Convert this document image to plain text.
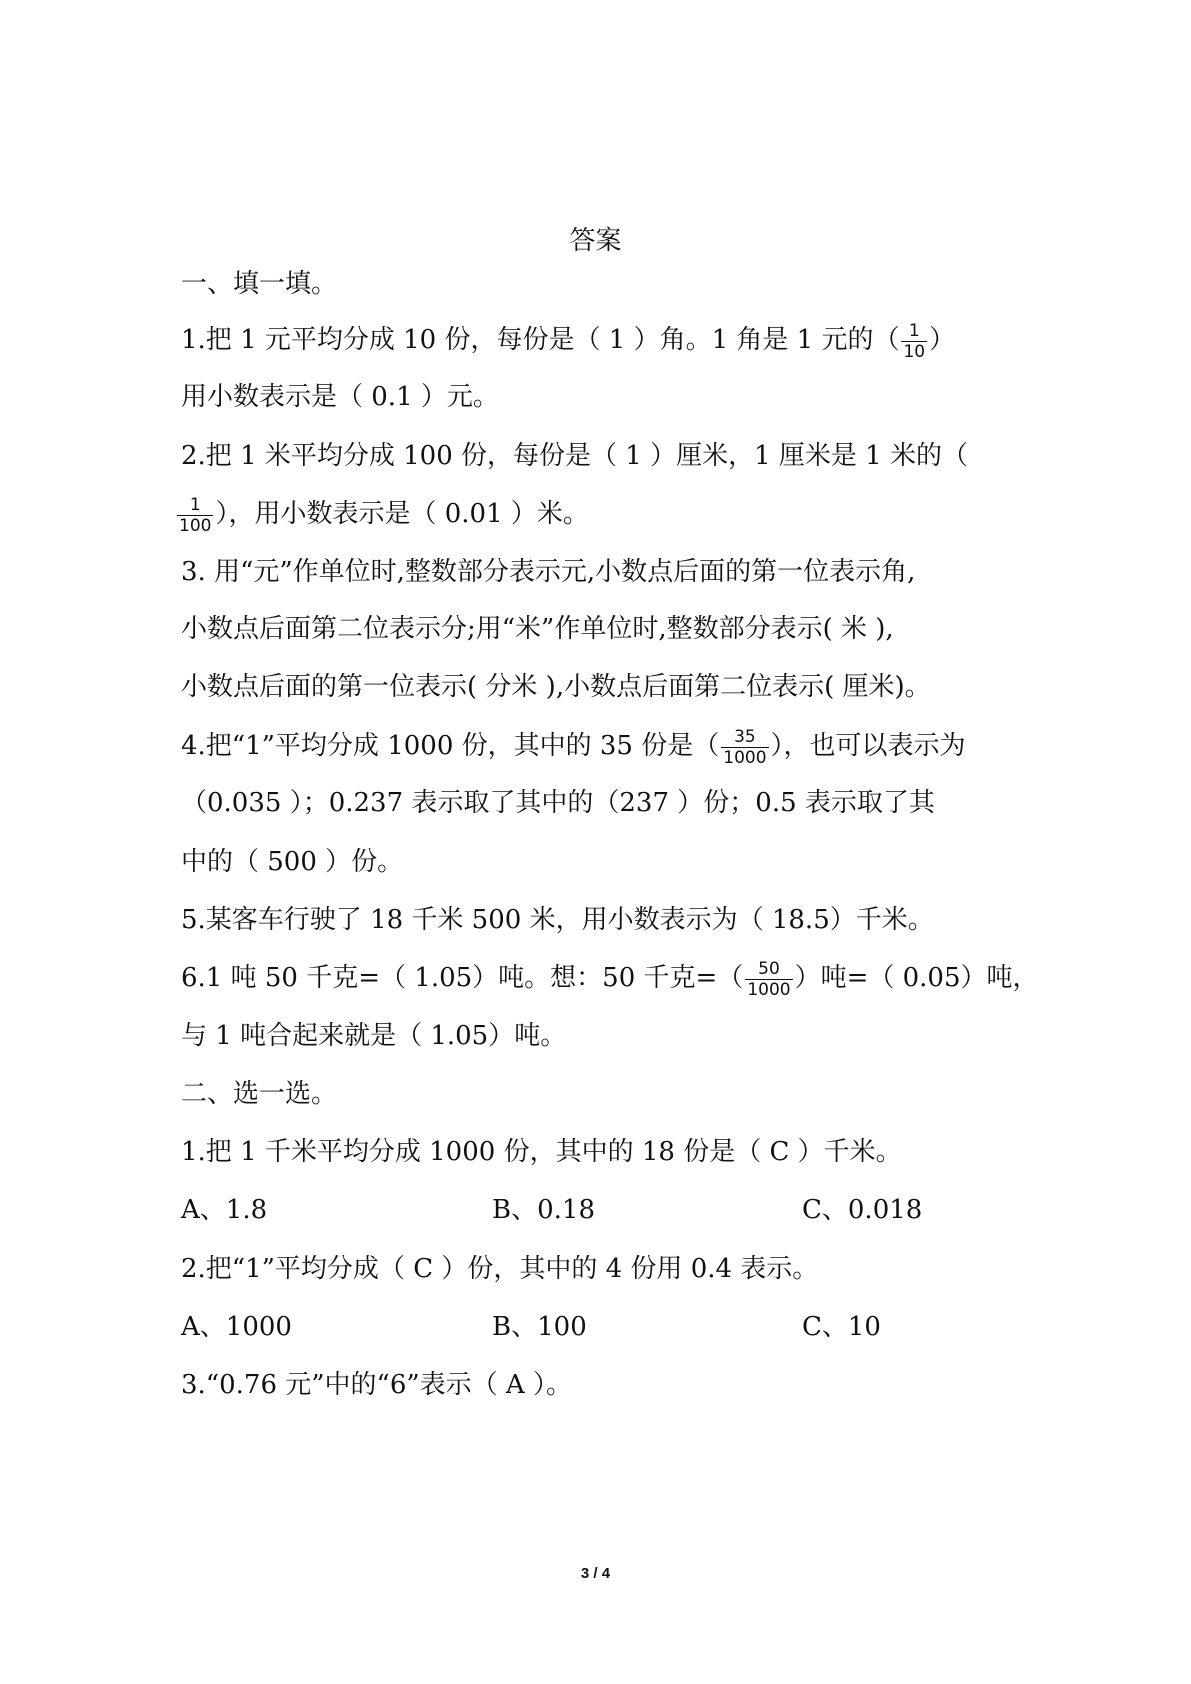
答案
一、填一填。
1.把 1 元平均分成 10 份，每份是（ 1 ）角。1 角是 1 元的（ $\frac{1}{10}$ ）
用小数表示是（ 0.1 ）元。
2.把 1 米平均分成 100 份，每份是（ 1 ）厘米，1 厘米是 1 米的（
$\frac{1}{100}$ ），用小数表示是（ 0.01 ）米。
3. 用“元”作单位时,整数部分表示元,小数点后面的第一位表示角,
小数点后面第二位表示分;用“米”作单位时,整数部分表示( 米 ),
小数点后面的第一位表示( 分米 ),小数点后面第二位表示( 厘米)。
4.把“1”平均分成 1000 份，其中的 35 份是（ $\frac{35}{1000}$ ），也可以表示为
（0.035 ）；0.237 表示取了其中的（237 ）份；0.5 表示取了其
中的（ 500 ）份。
5.某客车行驶了 18 千米 500 米，用小数表示为（ 18.5）千米。
6.1 吨 50 千克=（ 1.05）吨。想：50 千克=（ $\frac{50}{1000}$ ）吨=（ 0.05）吨，
与 1 吨合起来就是（ 1.05）吨。
二、选一选。
1.把 1 千米平均分成 1000 份，其中的 18 份是（ C ）千米。
A、1.8	B、0.18	C、0.018
2.把“1”平均分成（ C ）份，其中的 4 份用 0.4 表示。
A、1000	B、100	C、10
3.“0.76 元”中的“6”表示（ A ）。
3 / 4
